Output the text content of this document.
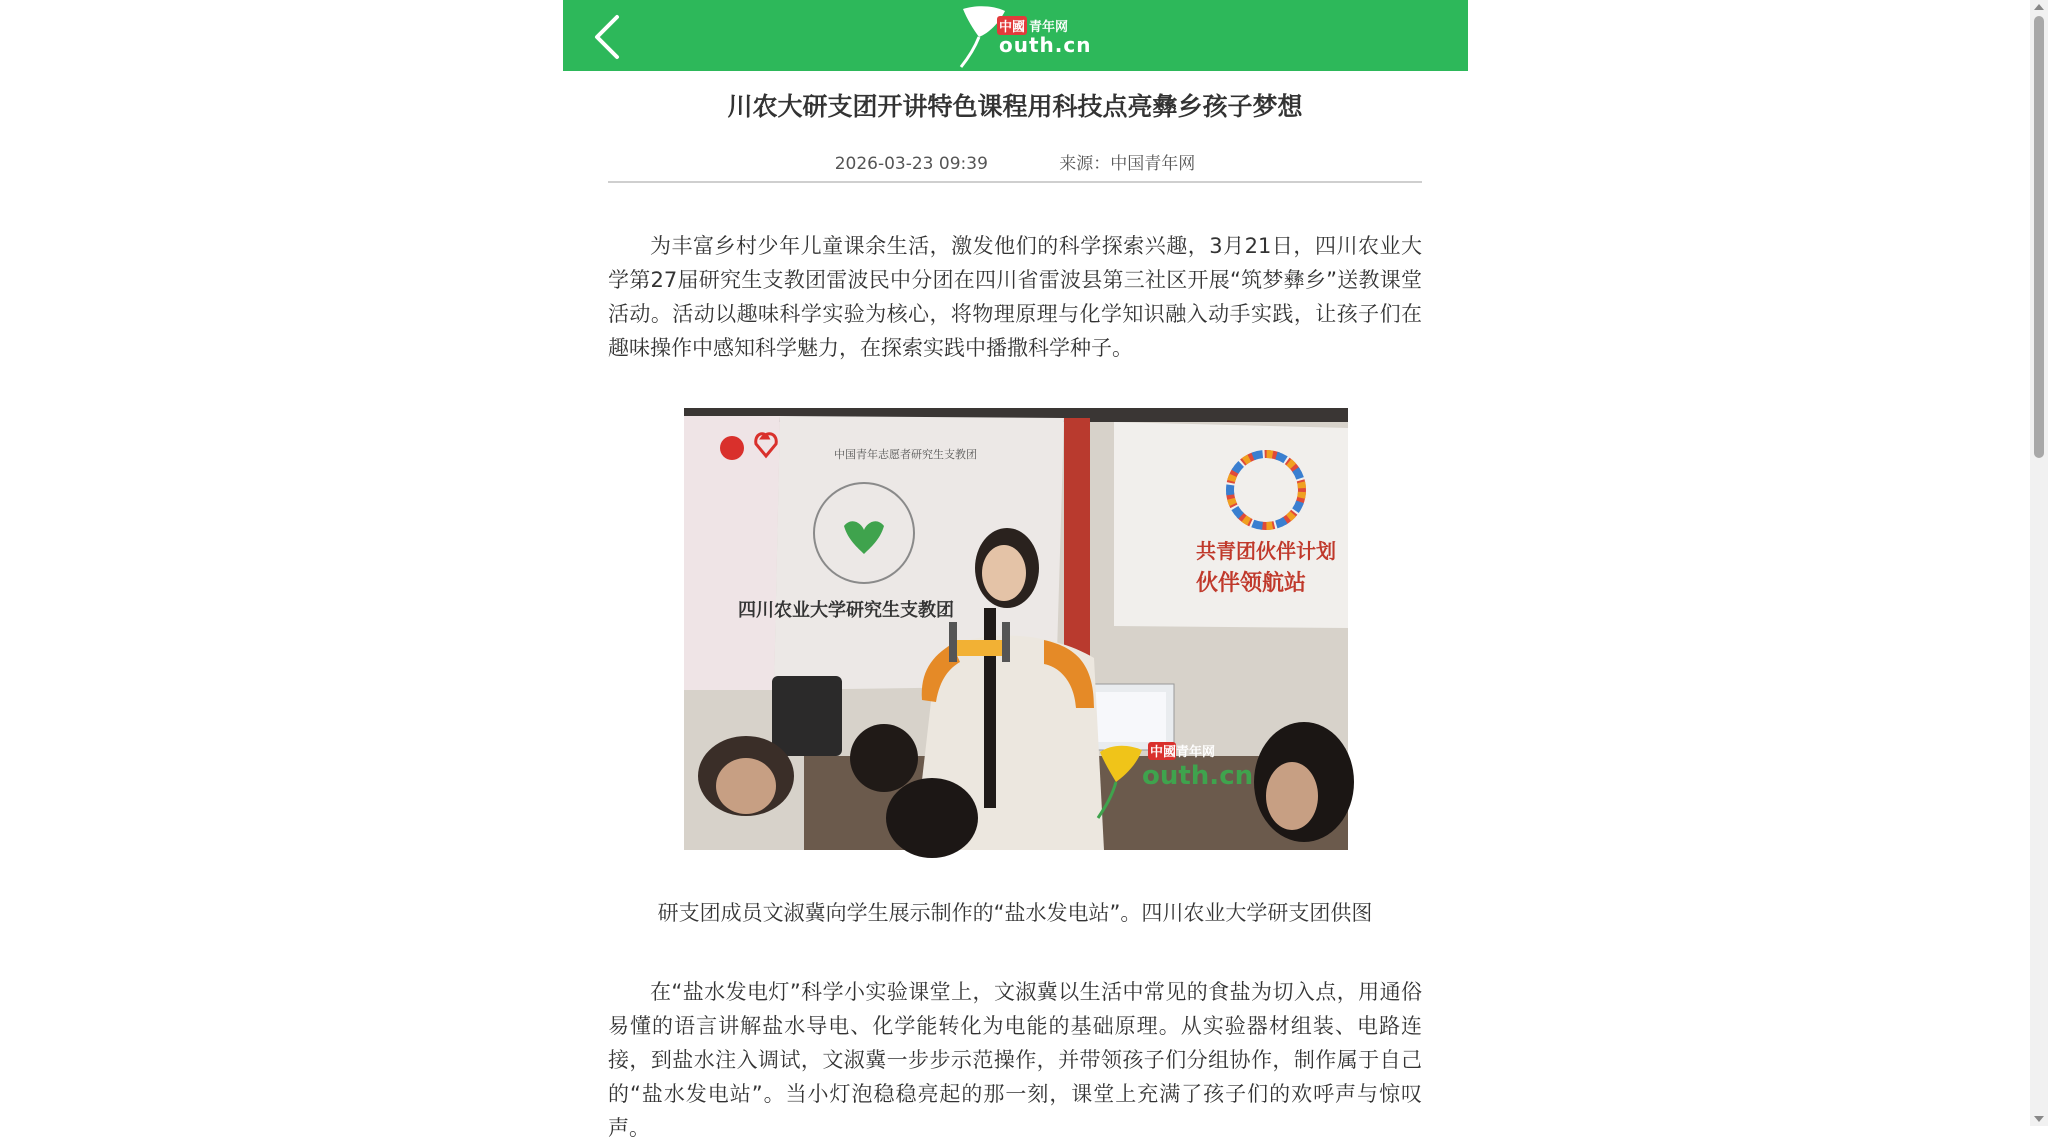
中國 青年网
outh.cn
川农大研支团开讲特色课程用科技点亮彝乡孩子梦想
2026-03-23 09:39	来源：中国青年网

为丰富乡村少年儿童课余生活，激发他们的科学探索兴趣，3月21日，四川农业大学第27届研究生支教团雷波民中分团在四川省雷波县第三社区开展“筑梦彝乡”送教课堂活动。活动以趣味科学实验为核心，将物理原理与化学知识融入动手实践，让孩子们在趣味操作中感知科学魅力，在探索实践中播撒科学种子。

中国青年志愿者研究生支教团
四川农业大学研究生支教团
共青团伙伴计划
伙伴领航站
中國青年网
outh.cn
研支团成员文淑冀向学生展示制作的“盐水发电站”。四川农业大学研支团供图

在“盐水发电灯”科学小实验课堂上，文淑冀以生活中常见的食盐为切入点，用通俗易懂的语言讲解盐水导电、化学能转化为电能的基础原理。从实验器材组装、电路连接，到盐水注入调试，文淑冀一步步示范操作，并带领孩子们分组协作，制作属于自己的“盐水发电站”。当小灯泡稳稳亮起的那一刻，课堂上充满了孩子们的欢呼声与惊叹声。
